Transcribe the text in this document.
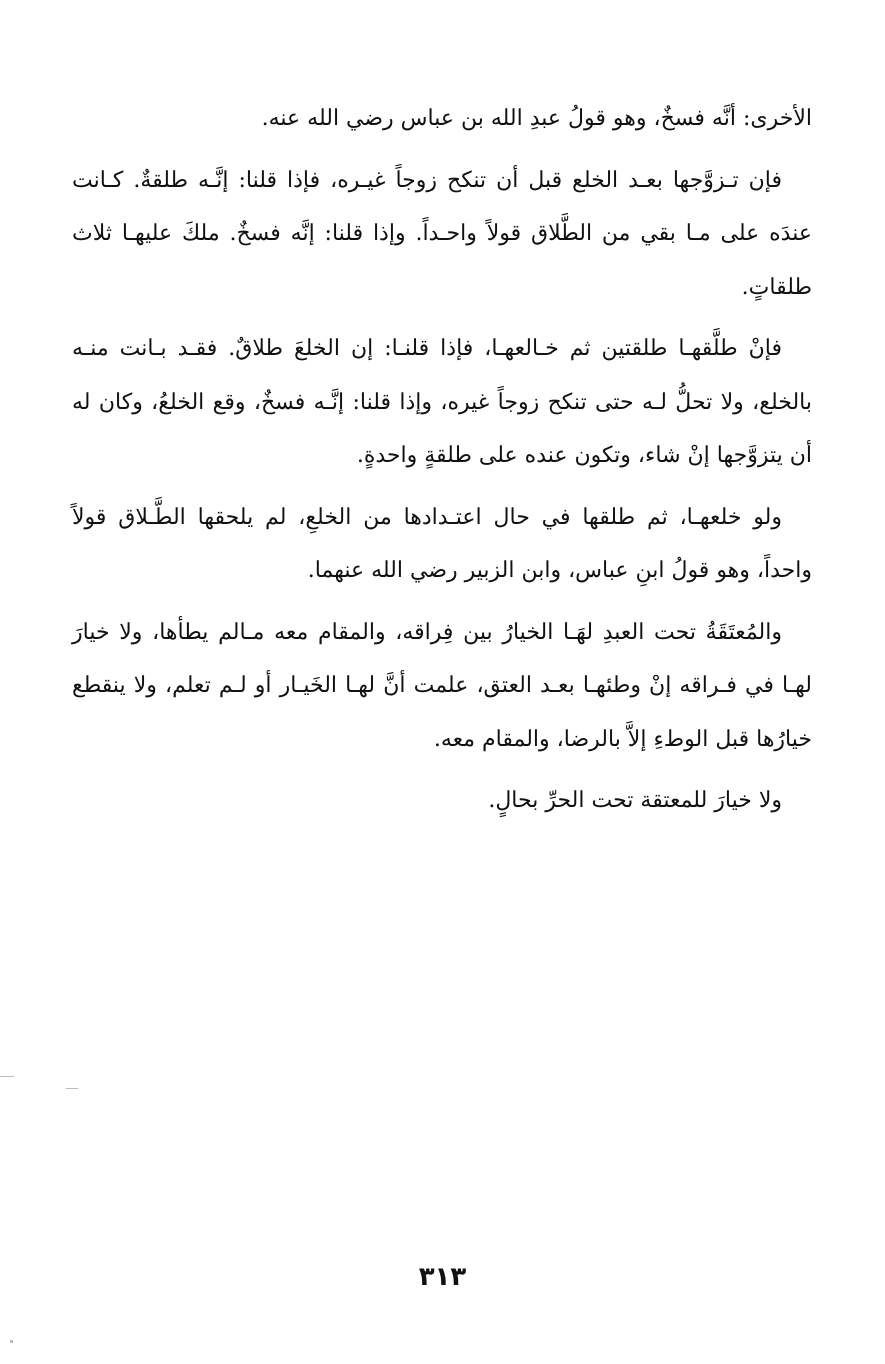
الأخرى: أنَّه فسخٌ، وهو قولُ عبدِ الله بن عباس رضي الله عنه.

فإن تـزوَّجها بعـد الخلع قبل أن تنكح زوجاً غيـره، فإذا قلنا: إنَّـه طلقةٌ. كـانت عندَه على مـا بقي من الطَّلاق قولاً واحـداً. وإذا قلنا: إنَّه فسخٌ. ملكَ عليهـا ثلاث طلقاتٍ.

فإنْ طلَّقهـا طلقتين ثم خـالعهـا، فإذا قلنـا: إن الخلعَ طلاقٌ. فقـد بـانت منـه بالخلع، ولا تحلُّ لـه حتى تنكح زوجاً غيره، وإذا قلنا: إنَّـه فسخٌ، وقع الخلعُ، وكان له أن يتزوَّجها إنْ شاء، وتكون عنده على طلقةٍ واحدةٍ.

ولو خلعهـا، ثم طلقها في حال اعتـدادها من الخلعِ، لم يلحقها الطَّـلاق قولاً واحداً، وهو قولُ ابنِ عباس، وابن الزبير رضي الله عنهما.

والمُعتَقَةُ تحت العبدِ لهَـا الخيارُ بين فِراقه، والمقام معه مـالم يطأها، ولا خيارَ لهـا في فـراقه إنْ وطئهـا بعـد العتق، علمت أنَّ لهـا الخَيـار أو لـم تعلم، ولا ينقطع خيارُها قبل الوطءِ إلاَّ بالرضا، والمقام معه.

ولا خيارَ للمعتقة تحت الحرِّ بحالٍ.

٣١٣
